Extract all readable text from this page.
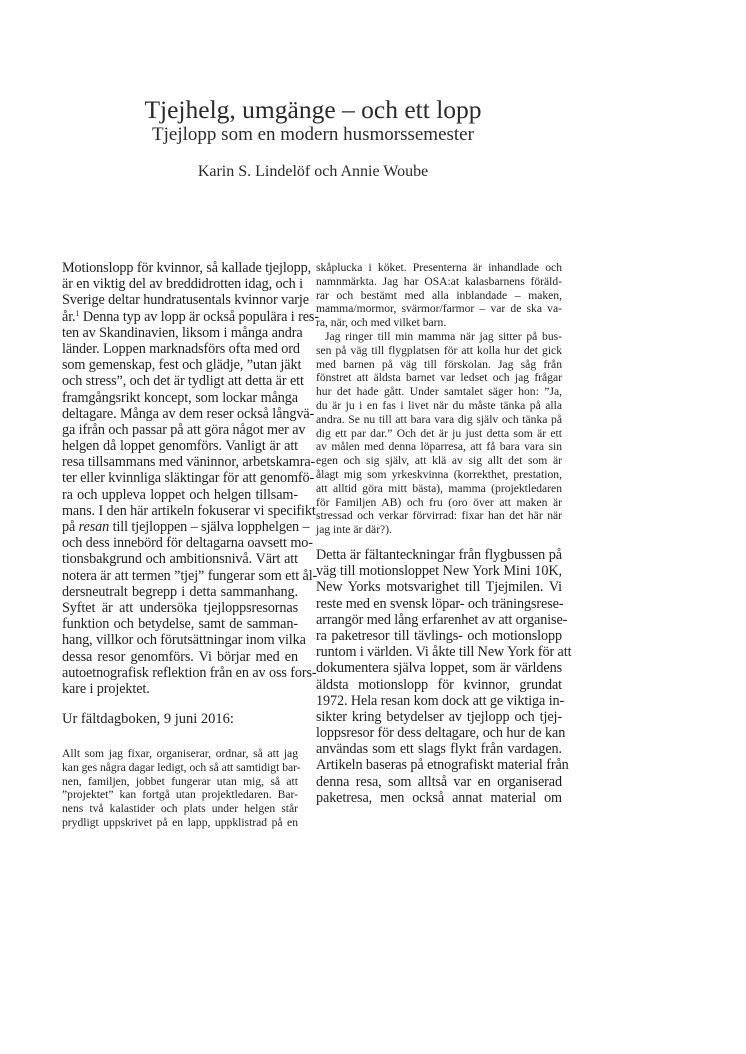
Tjejhelg, umgänge – och ett lopp
Tjejlopp som en modern husmorssemester
Karin S. Lindelöf och Annie Woube
Motionslopp för kvinnor, så kallade tjejlopp,
är en viktig del av breddidrotten idag, och i
Sverige deltar hundratusentals kvinnor varje
år.$^1$ Denna typ av lopp är också populära i res-
ten av Skandinavien, liksom i många andra
länder. Loppen marknadsförs ofta med ord
som gemenskap, fest och glädje, ”utan jäkt
och stress”, och det är tydligt att detta är ett
framgångsrikt koncept, som lockar många
deltagare. Många av dem reser också långvä-
ga ifrån och passar på att göra något mer av
helgen då loppet genomförs. Vanligt är att
resa tillsammans med väninnor, arbetskamra-
ter eller kvinnliga släktingar för att genomfö-
ra och uppleva loppet och helgen tillsam-
mans. I den här artikeln fokuserar vi specifikt
på resan till tjejloppen – själva lopphelgen –
och dess innebörd för deltagarna oavsett mo-
tionsbakgrund och ambitionsnivå. Värt att
notera är att termen ”tjej” fungerar som ett ål-
dersneutralt begrepp i detta sammanhang.
Syftet är att undersöka tjejloppsresornas
funktion och betydelse, samt de samman-
hang, villkor och förutsättningar inom vilka
dessa resor genomförs. Vi börjar med en
autoetnografisk reflektion från en av oss fors-
kare i projektet.
Ur fältdagboken, 9 juni 2016:
Allt som jag fixar, organiserar, ordnar, så att jag
kan ges några dagar ledigt, och så att samtidigt bar-
nen, familjen, jobbet fungerar utan mig, så att
”projektet” kan fortgå utan projektledaren. Bar-
nens två kalastider och plats under helgen står
prydligt uppskrivet på en lapp, uppklistrad på en
skåplucka i köket. Presenterna är inhandlade och
namnmärkta. Jag har OSA:at kalasbarnens föräld-
rar och bestämt med alla inblandade – maken,
mamma/mormor, svärmor/farmor – var de ska va-
ra, när, och med vilket barn.
Jag ringer till min mamma när jag sitter på bus-
sen på väg till flygplatsen för att kolla hur det gick
med barnen på väg till förskolan. Jag såg från
fönstret att äldsta barnet var ledset och jag frågar
hur det hade gått. Under samtalet säger hon: ”Ja,
du är ju i en fas i livet när du måste tänka på alla
andra. Se nu till att bara vara dig själv och tänka på
dig ett par dar.” Och det är ju just detta som är ett
av målen med denna löparresa, att få bara vara sin
egen och sig själv, att klä av sig allt det som är
ålagt mig som yrkeskvinna (korrekthet, prestation,
att alltid göra mitt bästa), mamma (projektledaren
för Familjen AB) och fru (oro över att maken är
stressad och verkar förvirrad: fixar han det här när
jag inte är där?).
Detta är fältanteckningar från flygbussen på
väg till motionsloppet New York Mini 10K,
New Yorks motsvarighet till Tjejmilen. Vi
reste med en svensk löpar- och träningsrese-
arrangör med lång erfarenhet av att organise-
ra paketresor till tävlings- och motionslopp
runtom i världen. Vi åkte till New York för att
dokumentera själva loppet, som är världens
äldsta motionslopp för kvinnor, grundat
1972. Hela resan kom dock att ge viktiga in-
sikter kring betydelser av tjejlopp och tjej-
loppsresor för dess deltagare, och hur de kan
användas som ett slags flykt från vardagen.
Artikeln baseras på etnografiskt material från
denna resa, som alltså var en organiserad
paketresa, men också annat material om
